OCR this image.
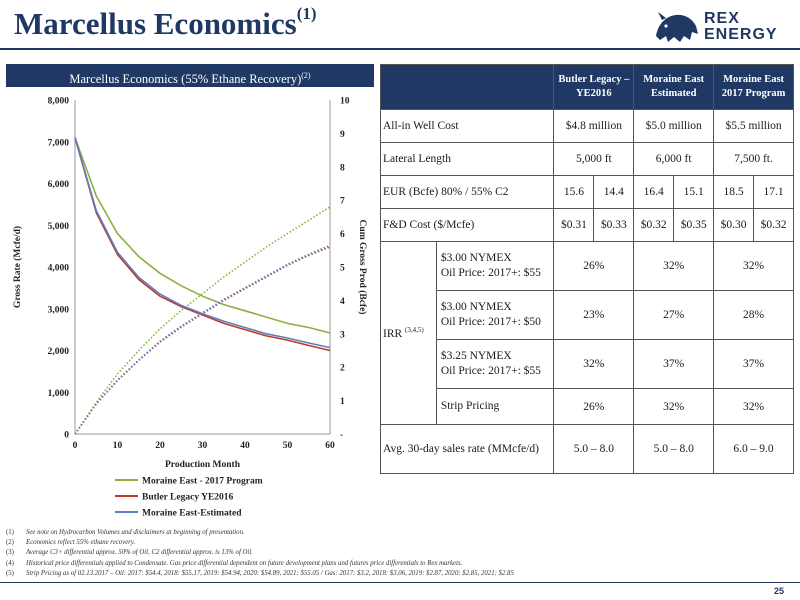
Marcellus Economics$^{(1)}$	REX
ENERGY
Marcellus Economics (55% Ethane Recovery)$^{(2)}$
0
1,000
2,000
3,000
4,000
5,000
6,000
7,000
8,000
-
1
2
3
4
5
6
7
8
9
10
0	10	20	30	40	50	60
Production Month
Gross Rate (Mcfe/d)	Cum Gross Prod (Bcfe)
Moraine East - 2017 Program
Butler Legacy YE2016
Moraine East-Estimated
		Butler Legacy – YE2016		Moraine East Estimated		Moraine East 2017 Program	
All-in Well Cost		$4.8 million		$5.0 million		$5.5 million	
Lateral Length		5,000 ft		6,000 ft		7,500 ft.	
EUR (Bcfe) 80% / 55% C2		15.6	14.4	16.4	15.1	18.5	17.1
F&D Cost ($/Mcfe)		$0.31	$0.33	$0.32	$0.35	$0.30	$0.32
IRR $^{(3,4,5)}$	$3.00 NYMEX
Oil Price: 2017+: $55	26%		32%		32%	
	$3.00 NYMEX
Oil Price: 2017+: $50	23%		27%		28%	
	$3.25 NYMEX
Oil Price: 2017+: $55	32%		37%		37%	
	Strip Pricing	26%		32%		32%	
Avg. 30-day sales rate (MMcfe/d)		5.0 – 8.0		5.0 – 8.0		6.0 – 9.0	
(1)	See note on Hydrocarbon Volumes and disclaimers at beginning of presentation.
(2)	Economics reflect 55% ethane recovery.
(3)	Average C3+ differential approx. 50% of Oil, C2 differential approx. is 13% of Oil.
(4)	Historical price differentials applied to Condensate. Gas price differential dependent on future development plans and futures price differentials to Rex markets.
(5)	Strip Pricing as of 02.13.2017 – Oil: 2017: $54.4, 2018: $55.17, 2019: $54.94, 2020: $54.89, 2021: $55.05 / Gas: 2017: $3.2, 2018: $3.06, 2019: $2.87, 2020: $2.85, 2021: $2.85
25
